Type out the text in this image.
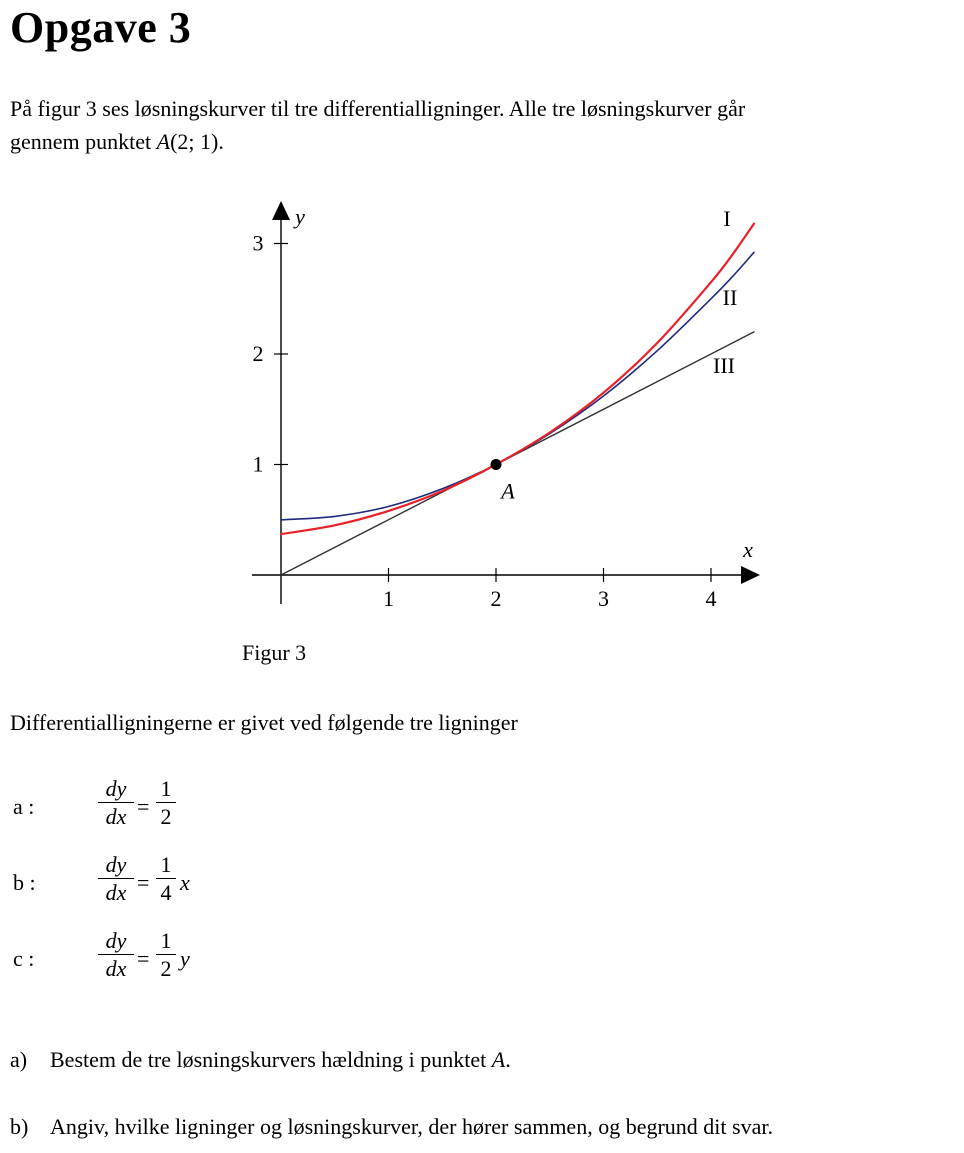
Opgave 3

På figur 3 ses løsningskurver til tre differentialligninger. Alle tre løsningskurver går
gennem punktet A(2; 1).

1	2	3	4
1
2
3
x
y	I
II
III
A
Figur 3
Differentialligningerne er givet ved følgende tre ligninger
a :
dy
dx =
1
2
b :
dy
dx =
1
4 x
c :
dy
dx =
1
2 y
a) Bestem de tre løsningskurvers hældning i punktet A.
b) Angiv, hvilke ligninger og løsningskurver, der hører sammen, og begrund dit svar.
